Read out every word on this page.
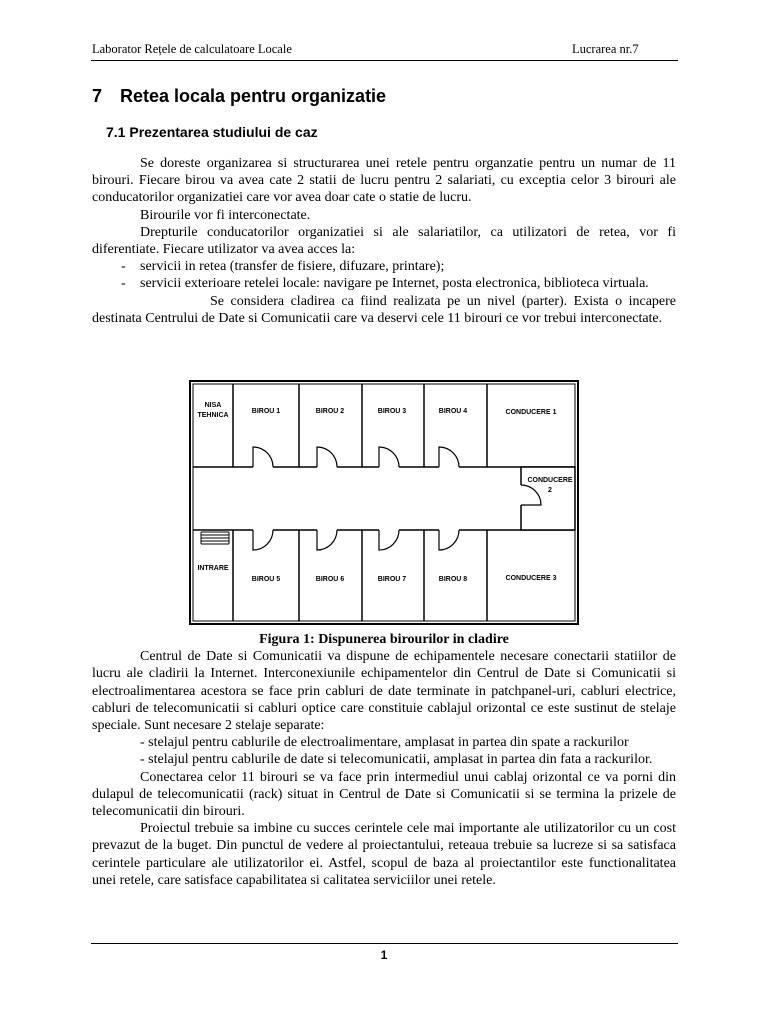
Laborator Rețele de calculatoare Locale	Lucrarea nr.7
7 Retea locala pentru organizatie
7.1 Prezentarea studiului de caz

Se doreste organizarea si structurarea unei retele pentru organzatie pentru un numar de 11 birouri. Fiecare birou va avea cate 2 statii de lucru pentru 2 salariati, cu exceptia celor 3 birouri ale conducatorilor organizatiei care vor avea doar cate o statie de lucru.

Birourile vor fi interconectate.

Drepturile conducatorilor organizatiei si ale salariatilor, ca utilizatori de retea, vor fi diferentiate. Fiecare utilizator va avea acces la:

-	servicii in retea (transfer de fisiere, difuzare, printare);
-	servicii exterioare retelei locale: navigare pe Internet, posta electronica, biblioteca virtuala.

Se considera cladirea ca fiind realizata pe un nivel (parter). Exista o incapere destinata Centrului de Date si Comunicatii care va deservi cele 11 birouri ce vor trebui interconectate.

NISA
TEHNICA
BIROU 1	BIROU 2	BIROU 3	BIROU 4	CONDUCERE 1
CONDUCERE
2
INTRARE
BIROU 5	BIROU 6	BIROU 7	BIROU 8	CONDUCERE 3

Figura 1: Dispunerea birourilor in cladire

Centrul de Date si Comunicatii va dispune de echipamentele necesare conectarii statiilor de lucru ale cladirii la Internet. Interconexiunile echipamentelor din Centrul de Date si Comunicatii si electroalimentarea acestora se face prin cabluri de date terminate in patchpanel-uri, cabluri electrice, cabluri de telecomunicatii si cabluri optice care constituie cablajul orizontal ce este sustinut de stelaje speciale. Sunt necesare 2 stelaje separate:

- stelajul pentru cablurile de electroalimentare, amplasat in partea din spate a rackurilor

- stelajul pentru cablurile de date si telecomunicatii, amplasat in partea din fata a rackurilor.

Conectarea celor 11 birouri se va face prin intermediul unui cablaj orizontal ce va porni din dulapul de telecomunicatii (rack) situat in Centrul de Date si Comunicatii si se termina la prizele de telecomunicatii din birouri.

Proiectul trebuie sa imbine cu succes cerintele cele mai importante ale utilizatorilor cu un cost prevazut de la buget. Din punctul de vedere al proiectantului, reteaua trebuie sa lucreze si sa satisfaca cerintele particulare ale utilizatorilor ei. Astfel, scopul de baza al proiectantilor este functionalitatea unei retele, care satisface capabilitatea si calitatea serviciilor unei retele.

1
